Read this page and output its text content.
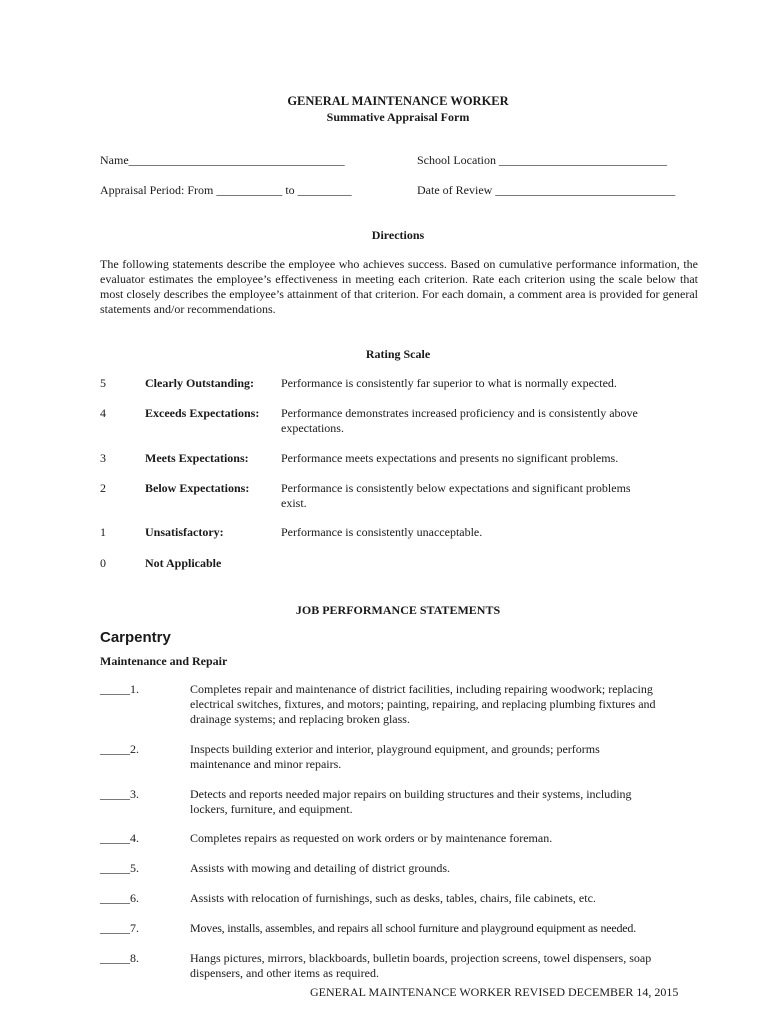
GENERAL MAINTENANCE WORKER
Summative Appraisal Form
Name____________________________________	School Location ____________________________
Appraisal Period: From ___________ to _________	Date of Review ______________________________
Directions
The following statements describe the employee who achieves success. Based on cumulative performance information, the evaluator estimates the employee’s effectiveness in meeting each criterion. Rate each criterion using the scale below that most closely describes the employee’s attainment of that criterion. For each domain, a comment area is provided for general statements and/or recommendations.
Rating Scale
5	Clearly Outstanding: Performance is consistently far superior to what is normally expected.
4	Exceeds Expectations: Performance demonstrates increased proficiency and is consistently above expectations.
3	Meets Expectations:	Performance meets expectations and presents no significant problems.
2	Below Expectations:	Performance is consistently below expectations and significant problems exist.
1	Unsatisfactory:	Performance is consistently unacceptable.
0	Not Applicable
JOB PERFORMANCE STATEMENTS
Carpentry
Maintenance and Repair
_____1.	Completes repair and maintenance of district facilities, including repairing woodwork; replacing electrical switches, fixtures, and motors; painting, repairing, and replacing plumbing fixtures and drainage systems; and replacing broken glass.
_____2.	Inspects building exterior and interior, playground equipment, and grounds; performs maintenance and minor repairs.
_____3.	Detects and reports needed major repairs on building structures and their systems, including lockers, furniture, and equipment.
_____4.	Completes repairs as requested on work orders or by maintenance foreman.
_____5.	Assists with mowing and detailing of district grounds.
_____6.	Assists with relocation of furnishings, such as desks, tables, chairs, file cabinets, etc.
_____7.	Moves, installs, assembles, and repairs all school furniture and playground equipment as needed.
_____8.	Hangs pictures, mirrors, blackboards, bulletin boards, projection screens, towel dispensers, soap dispensers, and other items as required.
GENERAL MAINTENANCE WORKER REVISED DECEMBER 14, 2015
